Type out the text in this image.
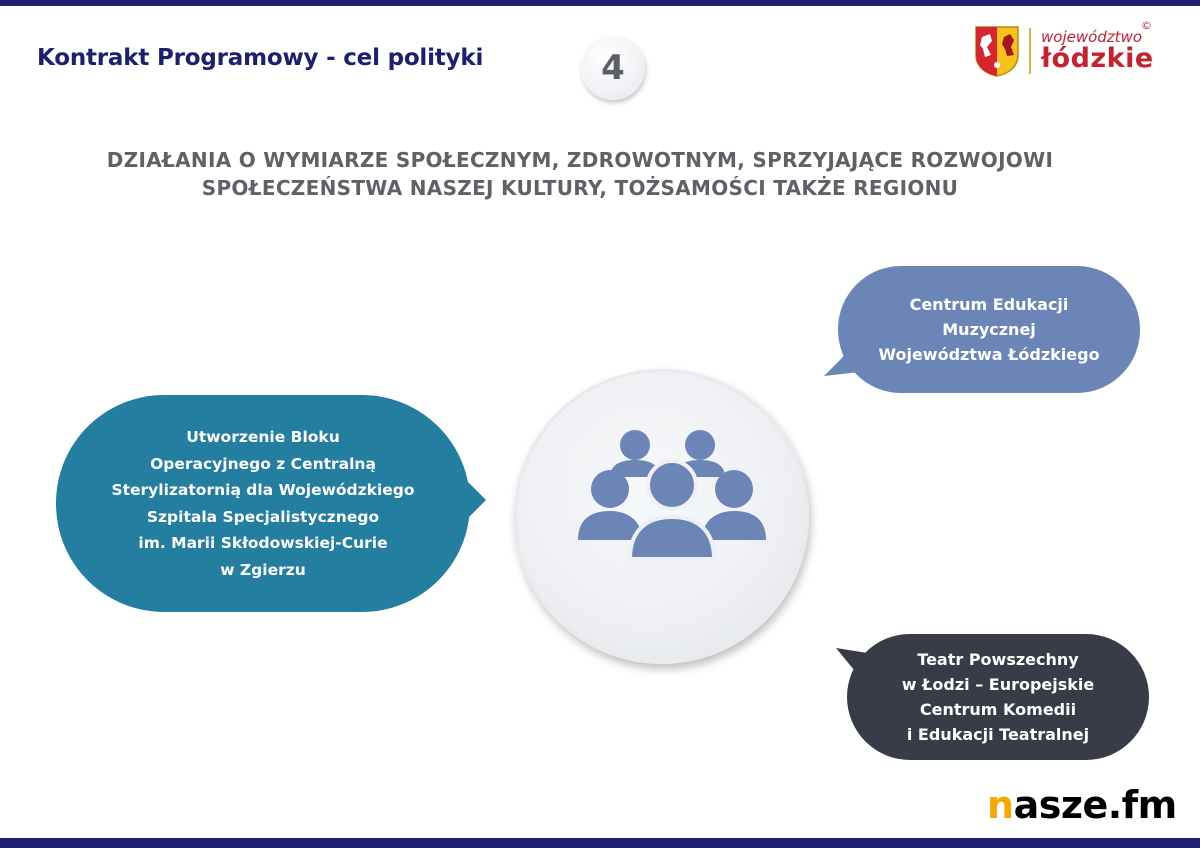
Kontrakt Programowy - cel polityki	4
województwo
łódzkie
©
DZIAŁANIA O WYMIARZE SPOŁECZNYM, ZDROWOTNYM, SPRZYJAJĄCE ROZWOJOWI
SPOŁECZEŃSTWA NASZEJ KULTURY, TOŻSAMOŚCI TAKŻE REGIONU
Utworzenie Bloku
Operacyjnego z Centralną
Sterylizatornią dla Wojewódzkiego
Szpitala Specjalistycznego
im. Marii Skłodowskiej-Curie
w Zgierzu
Centrum Edukacji
Muzycznej
Województwa Łódzkiego
Teatr Powszechny
w Łodzi – Europejskie
Centrum Komedii
i Edukacji Teatralnej
nasze.fm
